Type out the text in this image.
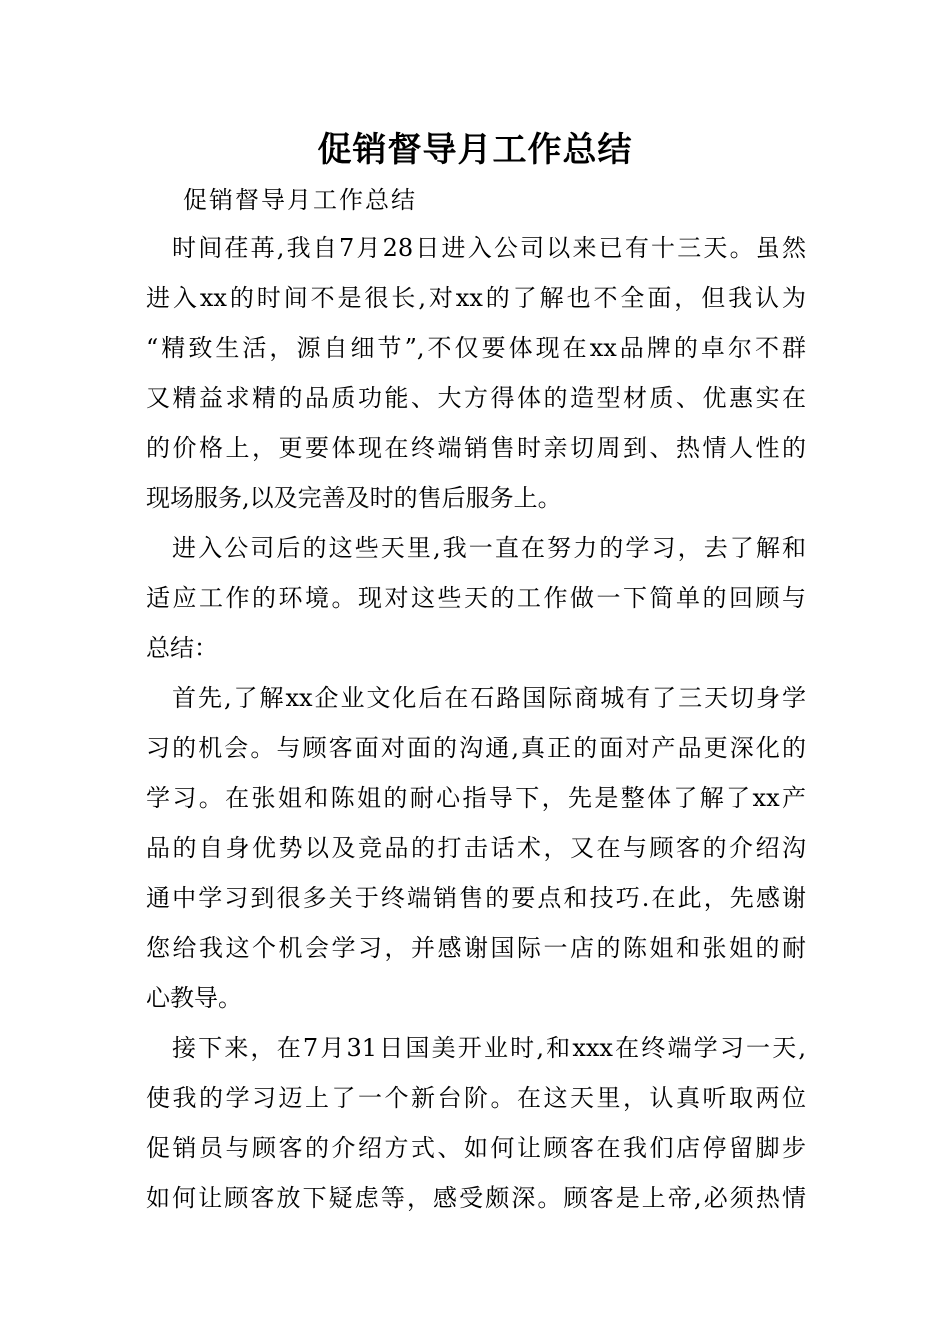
促销督导月工作总结
促销督导月工作总结
时间荏苒,我自7月28日进入公司以来已有十三天。虽然
进入xx的时间不是很长,对xx的了解也不全面，但我认为
“精致生活，源自细节”,不仅要体现在xx品牌的卓尔不群
又精益求精的品质功能、大方得体的造型材质、优惠实在
的价格上，更要体现在终端销售时亲切周到、热情人性的
现场服务,以及完善及时的售后服务上。
进入公司后的这些天里,我一直在努力的学习，去了解和
适应工作的环境。现对这些天的工作做一下简单的回顾与
总结：
首先,了解xx企业文化后在石路国际商城有了三天切身学
习的机会。与顾客面对面的沟通,真正的面对产品更深化的
学习。在张姐和陈姐的耐心指导下，先是整体了解了xx产
品的自身优势以及竞品的打击话术，又在与顾客的介绍沟
通中学习到很多关于终端销售的要点和技巧.在此，先感谢
您给我这个机会学习，并感谢国际一店的陈姐和张姐的耐
心教导。
接下来，在7月31日国美开业时,和xxx在终端学习一天,
使我的学习迈上了一个新台阶。在这天里，认真听取两位
促销员与顾客的介绍方式、如何让顾客在我们店停留脚步
如何让顾客放下疑虑等，感受颇深。顾客是上帝,必须热情
